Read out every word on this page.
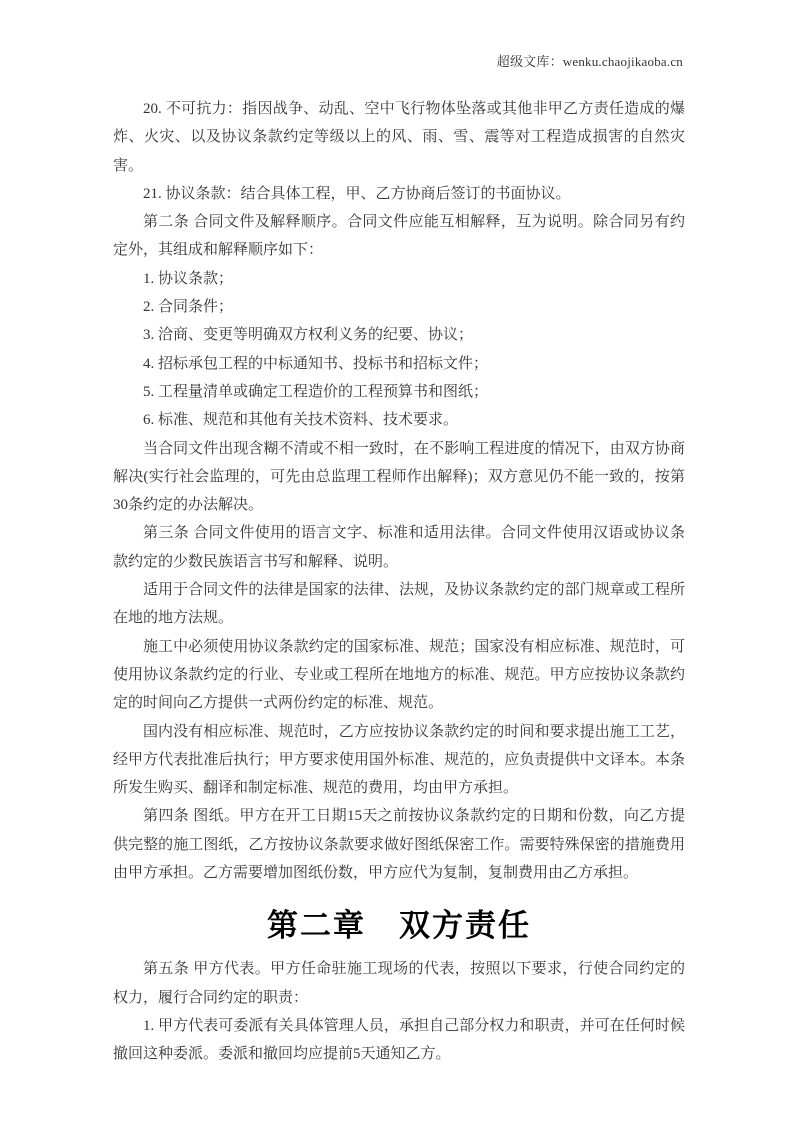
超级文库：wenku.chaojikaoba.cn

20. 不可抗力：指因战争、动乱、空中飞行物体坠落或其他非甲乙方责任造成的爆炸、火灾、以及协议条款约定等级以上的风、雨、雪、震等对工程造成损害的自然灾害。

21. 协议条款：结合具体工程，甲、乙方协商后签订的书面协议。

第二条 合同文件及解释顺序。合同文件应能互相解释，互为说明。除合同另有约定外，其组成和解释顺序如下：

1. 协议条款；

2. 合同条件；

3. 洽商、变更等明确双方权利义务的纪要、协议；

4. 招标承包工程的中标通知书、投标书和招标文件；

5. 工程量清单或确定工程造价的工程预算书和图纸；

6. 标准、规范和其他有关技术资料、技术要求。

当合同文件出现含糊不清或不相一致时，在不影响工程进度的情况下，由双方协商解决(实行社会监理的，可先由总监理工程师作出解释)；双方意见仍不能一致的，按第30条约定的办法解决。

第三条 合同文件使用的语言文字、标准和适用法律。合同文件使用汉语或协议条款约定的少数民族语言书写和解释、说明。

适用于合同文件的法律是国家的法律、法规，及协议条款约定的部门规章或工程所在地的地方法规。

施工中必须使用协议条款约定的国家标准、规范；国家没有相应标准、规范时，可使用协议条款约定的行业、专业或工程所在地地方的标准、规范。甲方应按协议条款约定的时间向乙方提供一式两份约定的标准、规范。

国内没有相应标准、规范时，乙方应按协议条款约定的时间和要求提出施工工艺，经甲方代表批准后执行；甲方要求使用国外标准、规范的，应负责提供中文译本。本条所发生购买、翻译和制定标准、规范的费用，均由甲方承担。

第四条 图纸。甲方在开工日期15天之前按协议条款约定的日期和份数，向乙方提供完整的施工图纸，乙方按协议条款要求做好图纸保密工作。需要特殊保密的措施费用由甲方承担。乙方需要增加图纸份数，甲方应代为复制，复制费用由乙方承担。

第二章　双方责任

第五条 甲方代表。甲方任命驻施工现场的代表，按照以下要求，行使合同约定的权力，履行合同约定的职责：

1. 甲方代表可委派有关具体管理人员，承担自己部分权力和职责，并可在任何时候撤回这种委派。委派和撤回均应提前5天通知乙方。
